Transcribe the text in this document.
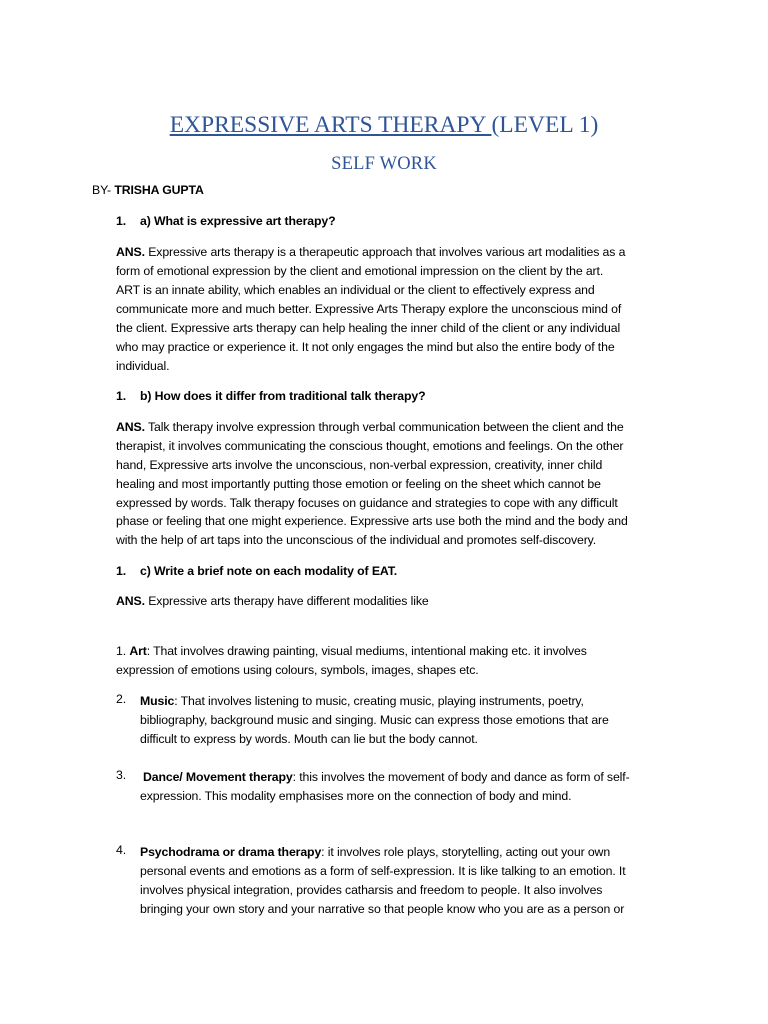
EXPRESSIVE ARTS THERAPY (LEVEL 1)
SELF WORK
BY- TRISHA GUPTA
1. a) What is expressive art therapy?
ANS. Expressive arts therapy is a therapeutic approach that involves various art modalities as a
form of emotional expression by the client and emotional impression on the client by the art.
ART is an innate ability, which enables an individual or the client to effectively express and
communicate more and much better. Expressive Arts Therapy explore the unconscious mind of
the client. Expressive arts therapy can help healing the inner child of the client or any individual
who may practice or experience it. It not only engages the mind but also the entire body of the
individual.
1. b) How does it differ from traditional talk therapy?
ANS. Talk therapy involve expression through verbal communication between the client and the
therapist, it involves communicating the conscious thought, emotions and feelings. On the other
hand, Expressive arts involve the unconscious, non-verbal expression, creativity, inner child
healing and most importantly putting those emotion or feeling on the sheet which cannot be
expressed by words. Talk therapy focuses on guidance and strategies to cope with any difficult
phase or feeling that one might experience. Expressive arts use both the mind and the body and
with the help of art taps into the unconscious of the individual and promotes self-discovery.
1. c) Write a brief note on each modality of EAT.
ANS. Expressive arts therapy have different modalities like
1. Art: That involves drawing painting, visual mediums, intentional making etc. it involves
expression of emotions using colours, symbols, images, shapes etc.
2. Music: That involves listening to music, creating music, playing instruments, poetry,
bibliography, background music and singing. Music can express those emotions that are
difficult to express by words. Mouth can lie but the body cannot.
3. Dance/ Movement therapy: this involves the movement of body and dance as form of self-
expression. This modality emphasises more on the connection of body and mind.
4. Psychodrama or drama therapy: it involves role plays, storytelling, acting out your own
personal events and emotions as a form of self-expression. It is like talking to an emotion. It
involves physical integration, provides catharsis and freedom to people. It also involves
bringing your own story and your narrative so that people know who you are as a person or
